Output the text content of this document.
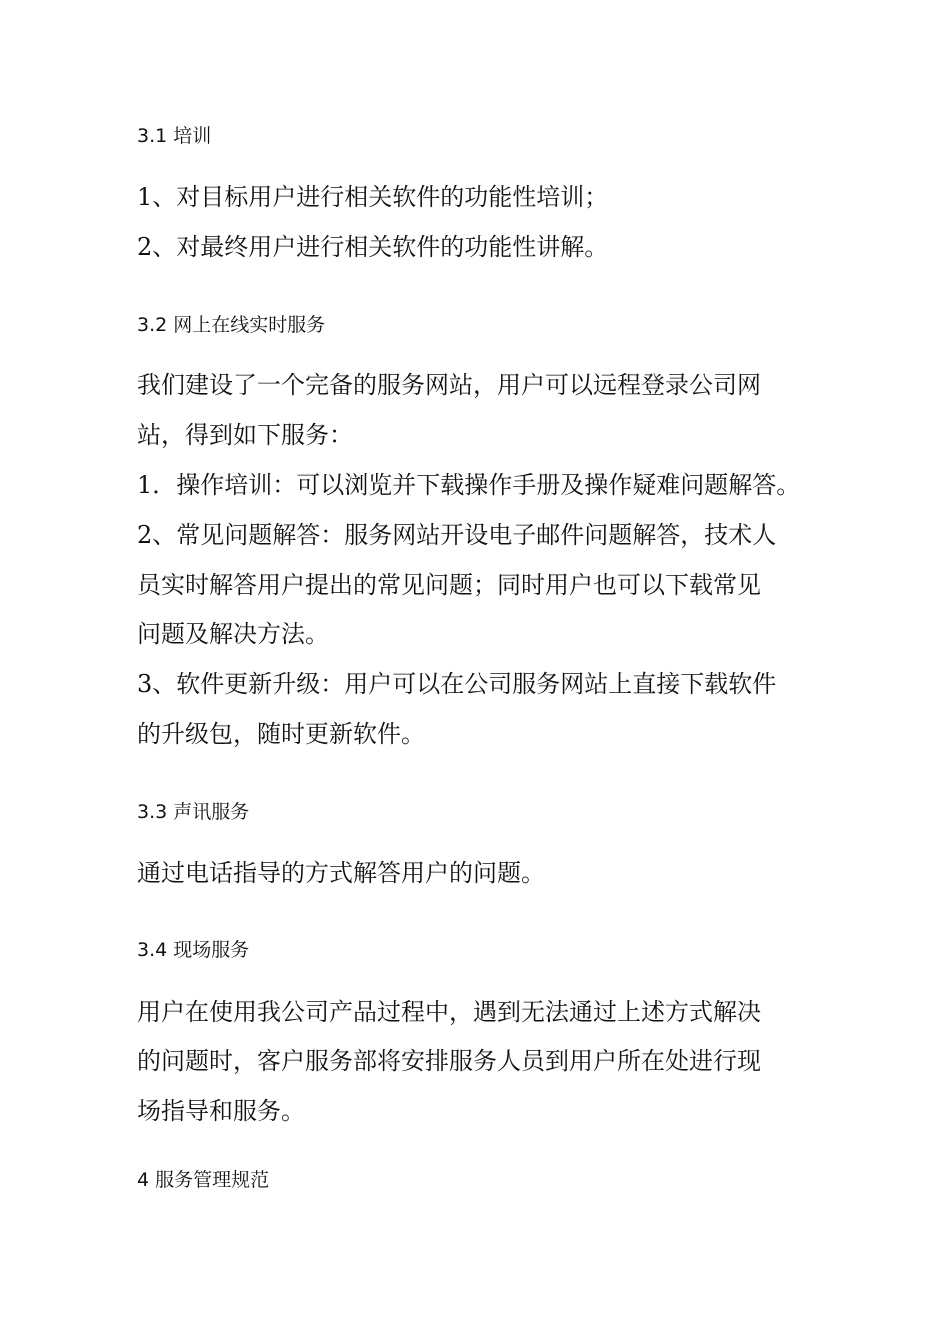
3.1 培训
1、对目标用户进行相关软件的功能性培训；
2、对最终用户进行相关软件的功能性讲解。
3.2 网上在线实时服务
我们建设了一个完备的服务网站，用户可以远程登录公司网
站，得到如下服务：
1．操作培训：可以浏览并下载操作手册及操作疑难问题解答。
2、常见问题解答：服务网站开设电子邮件问题解答，技术人
员实时解答用户提出的常见问题；同时用户也可以下载常见
问题及解决方法。
3、软件更新升级：用户可以在公司服务网站上直接下载软件
的升级包，随时更新软件。
3.3 声讯服务
通过电话指导的方式解答用户的问题。
3.4 现场服务
用户在使用我公司产品过程中，遇到无法通过上述方式解决
的问题时，客户服务部将安排服务人员到用户所在处进行现
场指导和服务。
4 服务管理规范
